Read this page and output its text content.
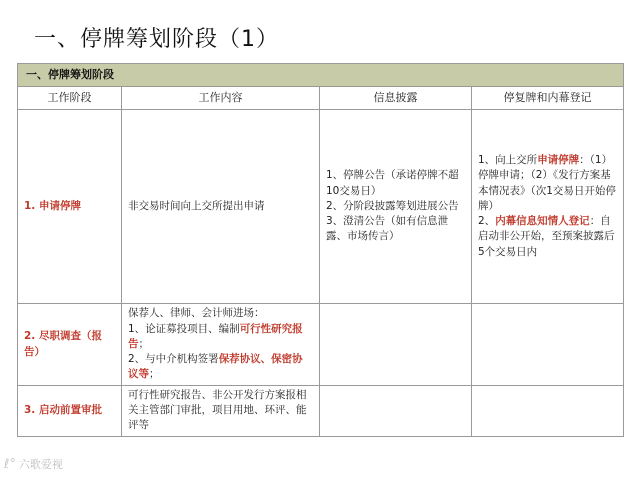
一、停牌筹划阶段（1）
一、停牌筹划阶段			
工作阶段	工作内容	信息披露	停复牌和内幕登记
1. 申请停牌	非交易时间向上交所提出申请	1、停牌公告（承诺停牌不超10交易日）
2、分阶段披露筹划进展公告
3、澄清公告（如有信息泄露、市场传言）	1、向上交所申请停牌：（1）停牌申请；（2）《发行方案基本情况表》（次1交易日开始停牌）
2、内幕信息知情人登记：自启动非公开始，至预案披露后5个交易日内

2. 尽职调查（报告）	保荐人、律师、会计师进场：
1、论证募投项目、编制可行性研究报告；
2、与中介机构签署保荐协议、保密协议等；		

3. 启动前置审批	可行性研究报告、非公开发行方案报相关主管部门审批，项目用地、环评、能评等		
ℓ° 六歌爱视
